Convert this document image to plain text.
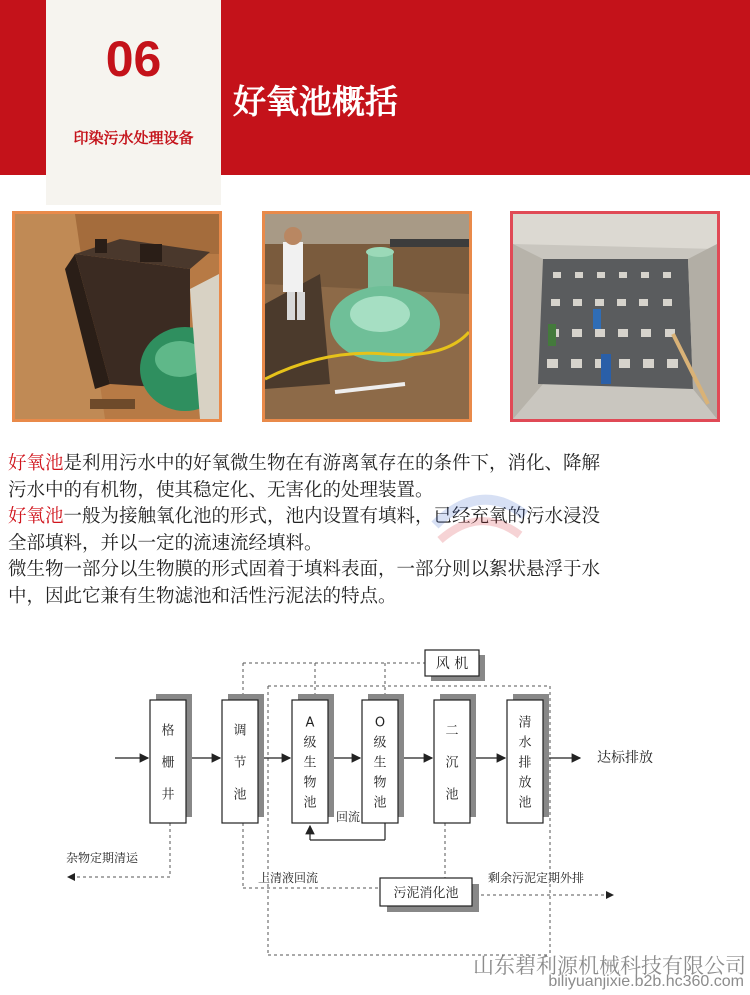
06
印染污水处理设备
好氧池概括
好氧池是利用污水中的好氧微生物在有游离氧存在的条件下，消化、降解
污水中的有机物，使其稳定化、无害化的处理装置。
好氧池一般为接触氧化池的形式，池内设置有填料，已经充氧的污水浸没
全部填料，并以一定的流速流经填料。
微生物一部分以生物膜的形式固着于填料表面，一部分则以絮状悬浮于水
中，因此它兼有生物滤池和活性污泥法的特点。
格
栅
井
调
节
池
A
级
生
物
池
O
级
生
物
池
二
沉
池
清
水
排
放
池
风 机
污泥消化池
达标排放
回流
杂物定期清运
上清液回流	剩余污泥定期外排
山东碧利源机械科技有限公司
biliyuanjixie.b2b.hc360.com
